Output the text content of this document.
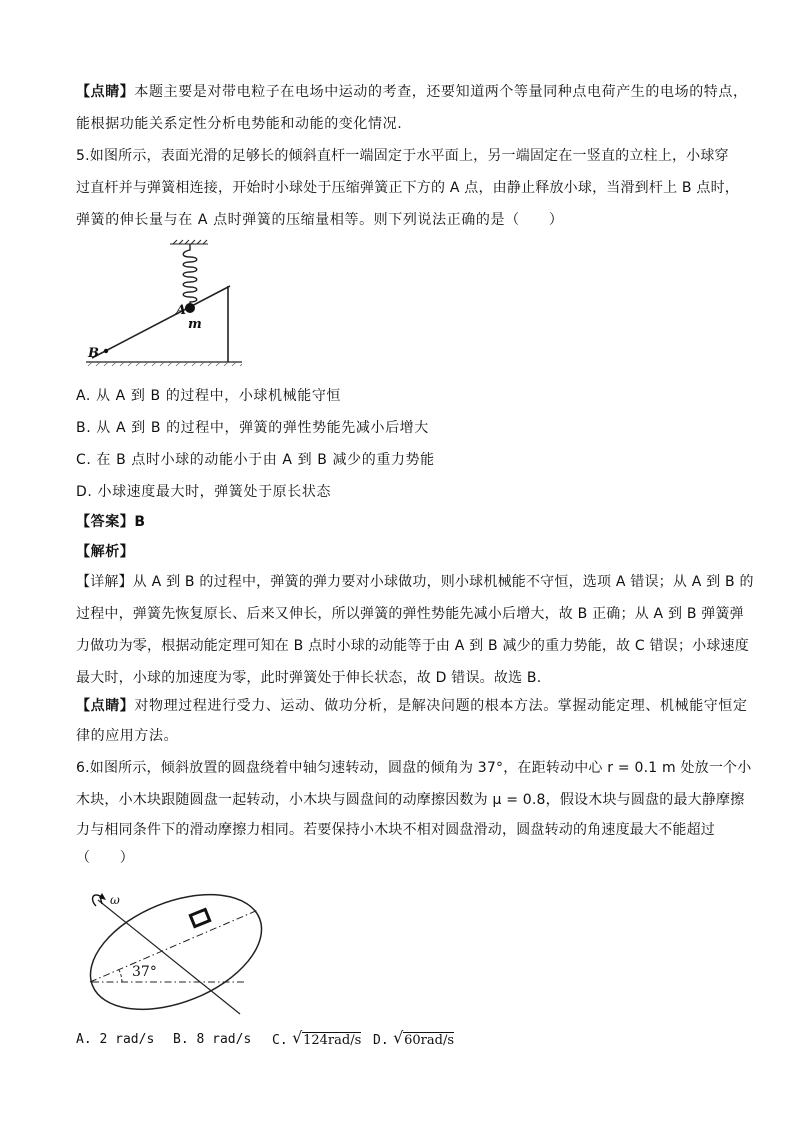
【点睛】本题主要是对带电粒子在电场中运动的考查，还要知道两个等量同种点电荷产生的电场的特点，
能根据功能关系定性分析电势能和动能的变化情况.
5.如图所示，表面光滑的足够长的倾斜直杆一端固定于水平面上，另一端固定在一竖直的立柱上，小球穿
过直杆并与弹簧相连接，开始时小球处于压缩弹簧正下方的 A 点，由静止释放小球，当滑到杆上 B 点时，
弹簧的伸长量与在 A 点时弹簧的压缩量相等。则下列说法正确的是（　　）
A
m
B
A. 从 A 到 B 的过程中，小球机械能守恒
B. 从 A 到 B 的过程中，弹簧的弹性势能先减小后增大
C. 在 B 点时小球的动能小于由 A 到 B 减少的重力势能
D. 小球速度最大时，弹簧处于原长状态
【答案】B
【解析】
【详解】从 A 到 B 的过程中，弹簧的弹力要对小球做功，则小球机械能不守恒，选项 A 错误；从 A 到 B 的
过程中，弹簧先恢复原长、后来又伸长，所以弹簧的弹性势能先减小后增大，故 B 正确；从 A 到 B 弹簧弹
力做功为零，根据动能定理可知在 B 点时小球的动能等于由 A 到 B 减少的重力势能，故 C 错误；小球速度
最大时，小球的加速度为零，此时弹簧处于伸长状态，故 D 错误。故选 B.
【点睛】对物理过程进行受力、运动、做功分析，是解决问题的根本方法。掌握动能定理、机械能守恒定
律的应用方法。
6.如图所示，倾斜放置的圆盘绕着中轴匀速转动，圆盘的倾角为 37°，在距转动中心 r = 0.1 m 处放一个小
木块，小木块跟随圆盘一起转动，小木块与圆盘间的动摩擦因数为 μ = 0.8，假设木块与圆盘的最大静摩擦
力与相同条件下的滑动摩擦力相同。若要保持小木块不相对圆盘滑动，圆盘转动的角速度最大不能超过
（　　）
ω
37°
A. 2 rad/s B. 8 rad/s C. √ 124rad/s D. √ 60rad/s
